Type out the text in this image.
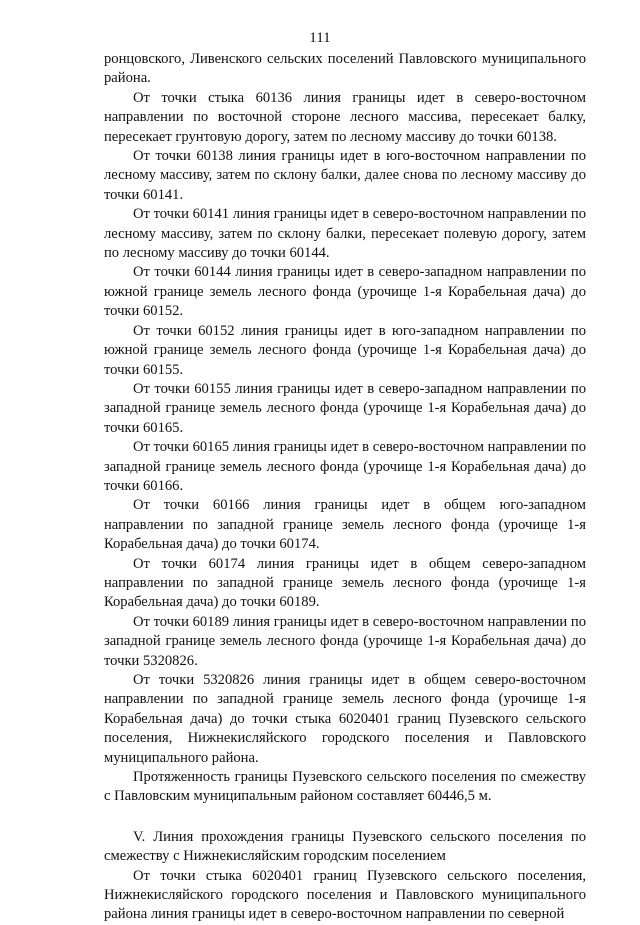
111

ронцовского, Ливенского сельских поселений Павловского муниципального района.

От точки стыка 60136 линия границы идет в северо-восточном направлении по восточной стороне лесного массива, пересекает балку, пересекает грунтовую дорогу, затем по лесному массиву до точки 60138.

От точки 60138 линия границы идет в юго-восточном направлении по лесному массиву, затем по склону балки, далее снова по лесному массиву до точки 60141.

От точки 60141 линия границы идет в северо-восточном направлении по лесному массиву, затем по склону балки, пересекает полевую дорогу, затем по лесному массиву до точки 60144.

От точки 60144 линия границы идет в северо-западном направлении по южной границе земель лесного фонда (урочище 1-я Корабельная дача) до точки 60152.

От точки 60152 линия границы идет в юго-западном направлении по южной границе земель лесного фонда (урочище 1-я Корабельная дача) до точки 60155.

От точки 60155 линия границы идет в северо-западном направлении по западной границе земель лесного фонда (урочище 1-я Корабельная дача) до точки 60165.

От точки 60165 линия границы идет в северо-восточном направлении по западной границе земель лесного фонда (урочище 1-я Корабельная дача) до точки 60166.

От точки 60166 линия границы идет в общем юго-западном направлении по западной границе земель лесного фонда (урочище 1-я Корабельная дача) до точки 60174.

От точки 60174 линия границы идет в общем северо-западном направлении по западной границе земель лесного фонда (урочище 1-я Корабельная дача) до точки 60189.

От точки 60189 линия границы идет в северо-восточном направлении по западной границе земель лесного фонда (урочище 1-я Корабельная дача) до точки 5320826.

От точки 5320826 линия границы идет в общем северо-восточном направлении по западной границе земель лесного фонда (урочище 1-я Корабельная дача) до точки стыка 6020401 границ Пузевского сельского поселения, Нижнекисляйского городского поселения и Павловского муниципального района.

Протяженность границы Пузевского сельского поселения по смежеству с Павловским муниципальным районом составляет 60446,5 м.

V. Линия прохождения границы Пузевского сельского поселения по смежеству с Нижнекисляйским городским поселением

От точки стыка 6020401 границ Пузевского сельского поселения, Нижнекисляйского городского поселения и Павловского муниципального района линия границы идет в северо-восточном направлении по северной
